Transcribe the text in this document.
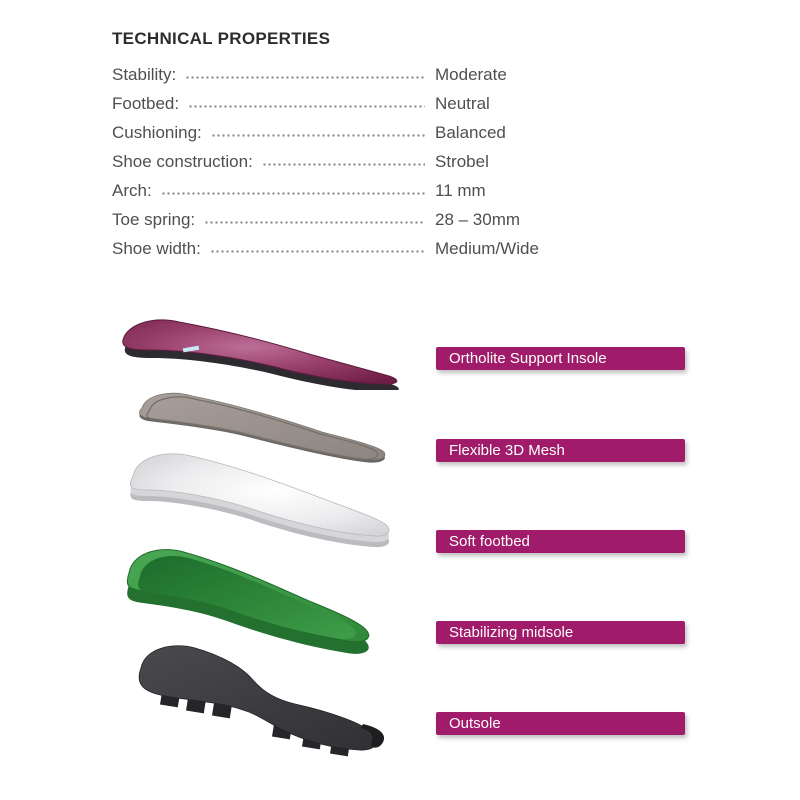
TECHNICAL PROPERTIES
Stability:	Moderate
Footbed:	Neutral
Cushioning:	Balanced
Shoe construction:	Strobel
Arch:	11 mm
Toe spring:	28 – 30mm
Shoe width:	Medium/Wide
Ortholite Support Insole
Flexible 3D Mesh
Soft footbed
Stabilizing midsole
Outsole
